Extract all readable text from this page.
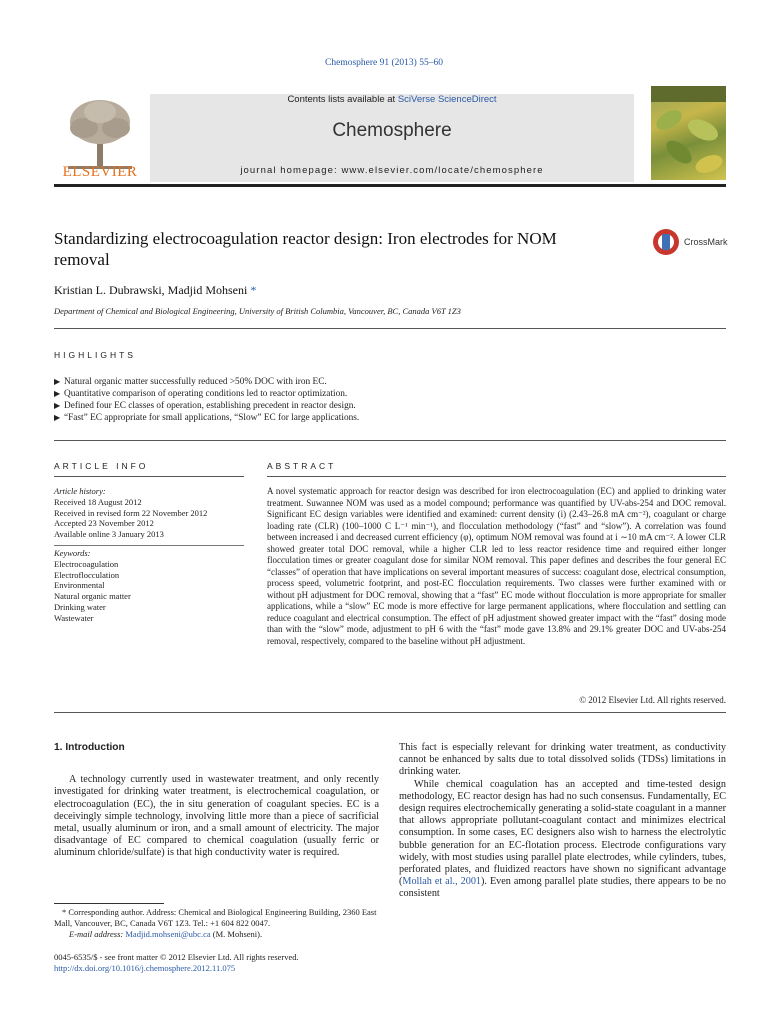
Chemosphere 91 (2013) 55–60
ELSEVIER
Contents lists available at SciVerse ScienceDirect
Chemosphere
journal homepage: www.elsevier.com/locate/chemosphere
Standardizing electrocoagulation reactor design: Iron electrodes for NOM removal
CrossMark
Kristian L. Dubrawski, Madjid Mohseni *
Department of Chemical and Biological Engineering, University of British Columbia, Vancouver, BC, Canada V6T 1Z3
HIGHLIGHTS
▶ Natural organic matter successfully reduced >50% DOC with iron EC.
▶ Quantitative comparison of operating conditions led to reactor optimization.
▶ Defined four EC classes of operation, establishing precedent in reactor design.
▶ “Fast” EC appropriate for small applications, “Slow” EC for large applications.
ARTICLE INFO	ABSTRACT
Article history:
Received 18 August 2012
Received in revised form 22 November 2012
Accepted 23 November 2012
Available online 3 January 2013
Keywords:
Electrocoagulation
Electroflocculation
Environmental
Natural organic matter
Drinking water
Wastewater
A novel systematic approach for reactor design was described for iron electrocoagulation (EC) and applied to drinking water treatment. Suwannee NOM was used as a model compound; performance was quantified by UV-abs-254 and DOC removal. Significant EC design variables were identified and examined: current density (i) (2.43–26.8 mA cm⁻²), coagulant or charge loading rate (CLR) (100–1000 C L⁻¹ min⁻¹), and flocculation methodology (“fast” and “slow”). A correlation was found between increased i and decreased current efficiency (φ), optimum NOM removal was found at i ∼10 mA cm⁻². A lower CLR showed greater total DOC removal, while a higher CLR led to less reactor residence time and required either longer flocculation times or greater coagulant dose for similar NOM removal. This paper defines and describes the four general EC “classes” of operation that have implications on several important measures of success: coagulant dose, electrical consumption, process speed, volumetric footprint, and post-EC flocculation requirements. Two classes were further examined with or without pH adjustment for DOC removal, showing that a “fast” EC mode without flocculation is more appropriate for smaller applications, while a “slow” EC mode is more effective for large permanent applications, where flocculation and settling can reduce coagulant and electrical consumption. The effect of pH adjustment showed greater impact with the “fast” dosing mode than with the “slow” mode, adjustment to pH 6 with the “fast” mode gave 13.8% and 29.1% greater DOC and UV-abs-254 removal, respectively, compared to the baseline without pH adjustment.
© 2012 Elsevier Ltd. All rights reserved.
1. Introduction

A technology currently used in wastewater treatment, and only recently investigated for drinking water treatment, is electrochemical coagulation, or electrocoagulation (EC), the in situ generation of coagulant species. EC is a deceivingly simple technology, involving little more than a piece of sacrificial metal, usually aluminum or iron, and a small amount of electricity. The major disadvantage of EC compared to chemical coagulation (usually ferric or aluminum chloride/sulfate) is that high conductivity water is required.

This fact is especially relevant for drinking water treatment, as conductivity cannot be enhanced by salts due to total dissolved solids (TDSs) limitations in drinking water.

While chemical coagulation has an accepted and time-tested design methodology, EC reactor design has had no such consensus. Fundamentally, EC design requires electrochemically generating a solid-state coagulant in a manner that allows appropriate pollutant-coagulant contact and minimizes electrical consumption. In some cases, EC designers also wish to harness the electrolytic bubble generation for an EC-flotation process. Electrode configurations vary widely, with most studies using parallel plate electrodes, while cylinders, tubes, perforated plates, and fluidized reactors have shown no significant advantage (Mollah et al., 2001). Even among parallel plate studies, there appears to be no consistent

* Corresponding author. Address: Chemical and Biological Engineering Building, 2360 East Mall, Vancouver, BC, Canada V6T 1Z3. Tel.: +1 604 822 0047.
E-mail address: Madjid.mohseni@ubc.ca (M. Mohseni).
0045-6535/$ - see front matter © 2012 Elsevier Ltd. All rights reserved.
http://dx.doi.org/10.1016/j.chemosphere.2012.11.075
